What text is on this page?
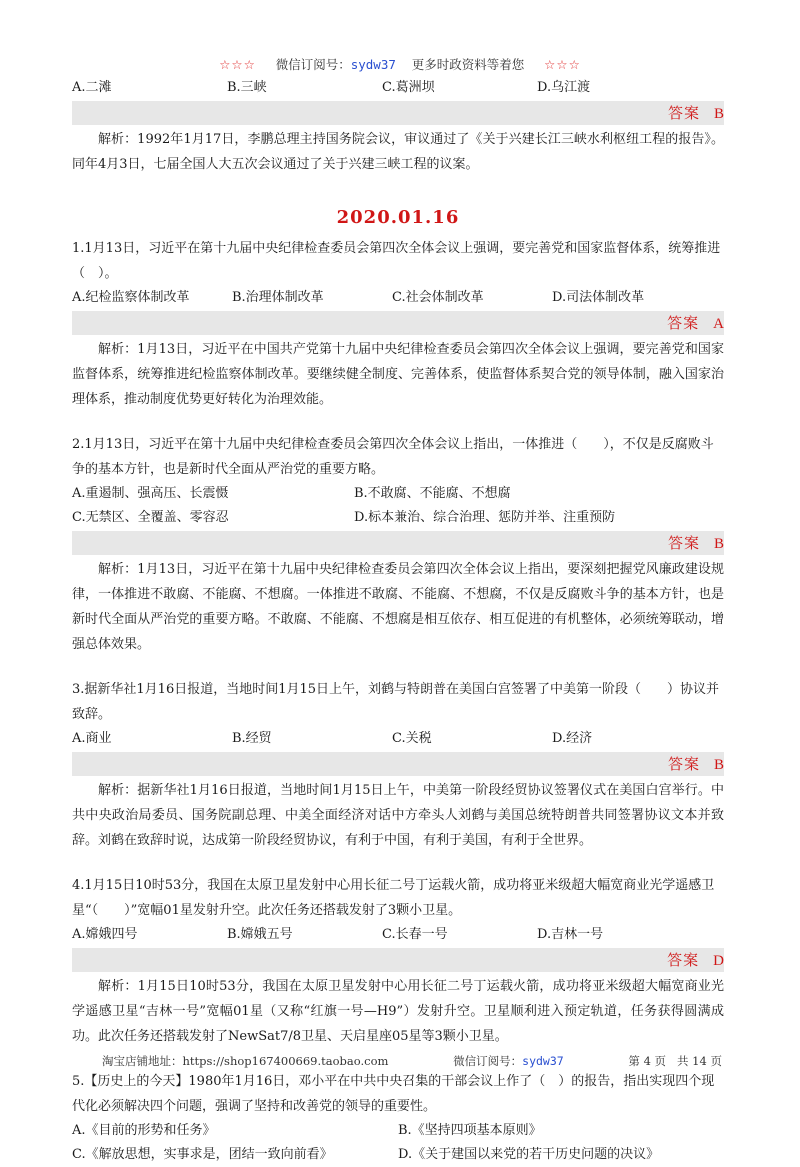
☆☆☆ 微信订阅号：sydw37 更多时政资料等着您 ☆☆☆
A.二滩	B.三峡	C.葛洲坝	D.乌江渡
答案 B

解析：1992年1月17日，李鹏总理主持国务院会议，审议通过了《关于兴建长江三峡水利枢纽工程的报告》。同年4月3日，七届全国人大五次会议通过了关于兴建三峡工程的议案。

2020.01.16

1.1月13日，习近平在第十九届中央纪律检查委员会第四次全体会议上强调，要完善党和国家监督体系，统筹推进（　）。

A.纪检监察体制改革	B.治理体制改革	C.社会体制改革	D.司法体制改革
答案 A

解析：1月13日，习近平在中国共产党第十九届中央纪律检查委员会第四次全体会议上强调，要完善党和国家监督体系，统筹推进纪检监察体制改革。要继续健全制度、完善体系，使监督体系契合党的领导体制，融入国家治理体系，推动制度优势更好转化为治理效能。

2.1月13日，习近平在第十九届中央纪律检查委员会第四次全体会议上指出，一体推进（　　），不仅是反腐败斗争的基本方针，也是新时代全面从严治党的重要方略。

A.重遏制、强高压、长震慑	B.不敢腐、不能腐、不想腐
C.无禁区、全覆盖、零容忍	D.标本兼治、综合治理、惩防并举、注重预防
答案 B

解析：1月13日，习近平在第十九届中央纪律检查委员会第四次全体会议上指出，要深刻把握党风廉政建设规律，一体推进不敢腐、不能腐、不想腐。一体推进不敢腐、不能腐、不想腐，不仅是反腐败斗争的基本方针，也是新时代全面从严治党的重要方略。不敢腐、不能腐、不想腐是相互依存、相互促进的有机整体，必须统筹联动，增强总体效果。

3.据新华社1月16日报道，当地时间1月15日上午，刘鹤与特朗普在美国白宫签署了中美第一阶段（　　）协议并致辞。

A.商业	B.经贸	C.关税	D.经济
答案 B

解析：据新华社1月16日报道，当地时间1月15日上午，中美第一阶段经贸协议签署仪式在美国白宫举行。中共中央政治局委员、国务院副总理、中美全面经济对话中方牵头人刘鹤与美国总统特朗普共同签署协议文本并致辞。刘鹤在致辞时说，达成第一阶段经贸协议，有利于中国，有利于美国，有利于全世界。

4.1月15日10时53分，我国在太原卫星发射中心用长征二号丁运载火箭，成功将亚米级超大幅宽商业光学遥感卫星“（　　）”宽幅01星发射升空。此次任务还搭载发射了3颗小卫星。

A.嫦娥四号	B.嫦娥五号	C.长春一号	D.吉林一号
答案 D

解析：1月15日10时53分，我国在太原卫星发射中心用长征二号丁运载火箭，成功将亚米级超大幅宽商业光学遥感卫星“吉林一号”宽幅01星（又称“红旗一号—H9”）发射升空。卫星顺利进入预定轨道，任务获得圆满成功。此次任务还搭载发射了NewSat7/8卫星、天启星座05星等3颗小卫星。

5.【历史上的今天】1980年1月16日，邓小平在中共中央召集的干部会议上作了（　）的报告，指出实现四个现代化必须解决四个问题，强调了坚持和改善党的领导的重要性。

A.《目前的形势和任务》	B.《坚持四项基本原则》
C.《解放思想，实事求是，团结一致向前看》	D.《关于建国以来党的若干历史问题的决议》
淘宝店铺地址：https://shop167400669.taobao.com	微信订阅号：sydw37	第 4 页 共 14 页
